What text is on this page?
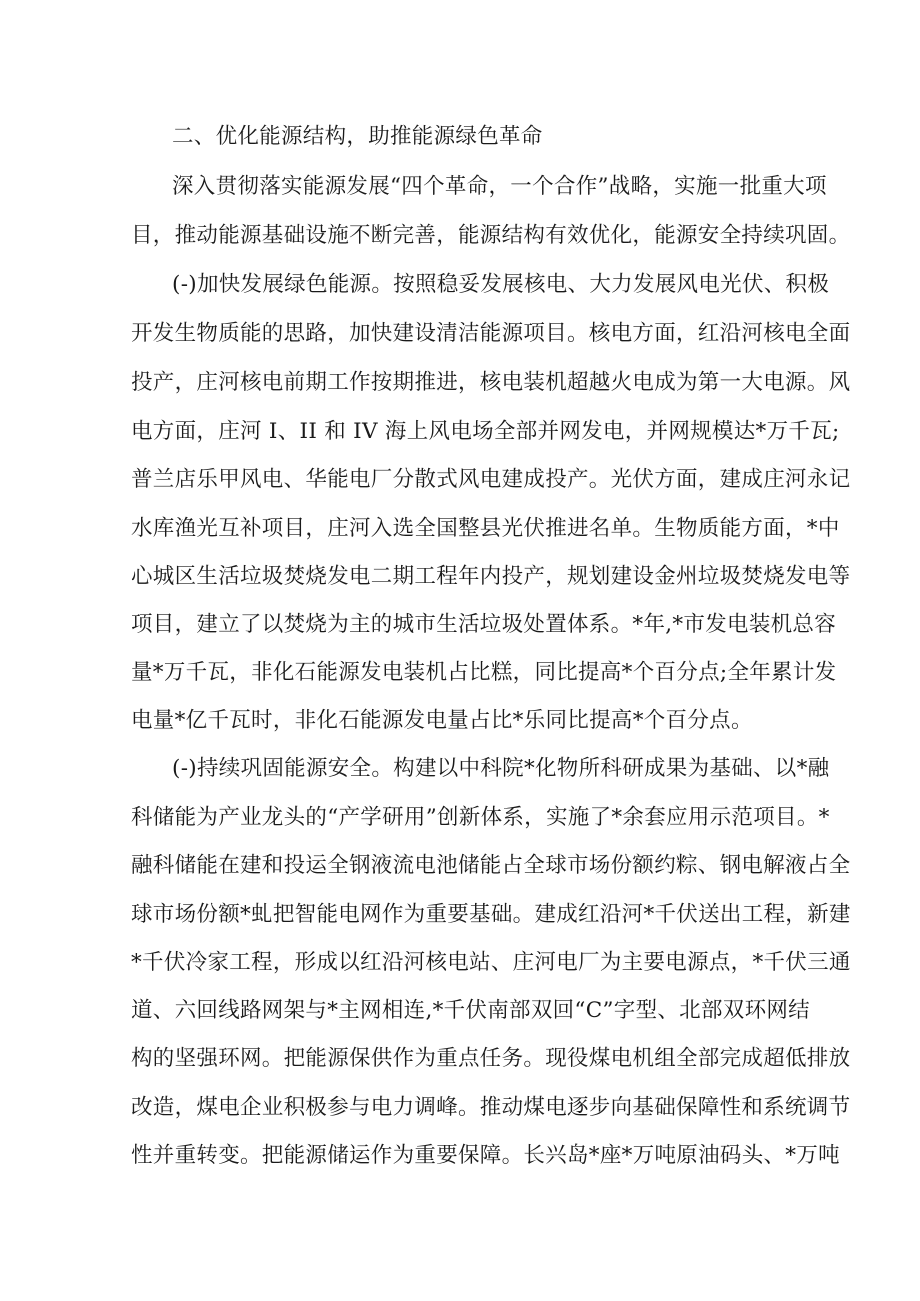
二、优化能源结构，助推能源绿色革命
深入贯彻落实能源发展“四个革命，一个合作”战略，实施一批重大项
目，推动能源基础设施不断完善，能源结构有效优化，能源安全持续巩固。
(-)加快发展绿色能源。按照稳妥发展核电、大力发展风电光伏、积极
开发生物质能的思路，加快建设清洁能源项目。核电方面，红沿河核电全面
投产，庄河核电前期工作按期推进，核电装机超越火电成为第一大电源。风
电方面，庄河 I、II 和 IV 海上风电场全部并网发电，并网规模达*万千瓦;
普兰店乐甲风电、华能电厂分散式风电建成投产。光伏方面，建成庄河永记
水库渔光互补项目，庄河入选全国整县光伏推进名单。生物质能方面，*中
心城区生活垃圾焚烧发电二期工程年内投产，规划建设金州垃圾焚烧发电等
项目，建立了以焚烧为主的城市生活垃圾处置体系。*年,*市发电装机总容
量*万千瓦，非化石能源发电装机占比糕，同比提高*个百分点;全年累计发
电量*亿千瓦时，非化石能源发电量占比*乐同比提高*个百分点。
(-)持续巩固能源安全。构建以中科院*化物所科研成果为基础、以*融
科储能为产业龙头的“产学研用”创新体系，实施了*余套应用示范项目。*
融科储能在建和投运全钢液流电池储能占全球市场份额约粽、钢电解液占全
球市场份额*虬把智能电网作为重要基础。建成红沿河*千伏送出工程，新建
*千伏冷家工程，形成以红沿河核电站、庄河电厂为主要电源点，*千伏三通
道、六回线路网架与*主网相连,*千伏南部双回“C”字型、北部双环网结
构的坚强环网。把能源保供作为重点任务。现役煤电机组全部完成超低排放
改造，煤电企业积极参与电力调峰。推动煤电逐步向基础保障性和系统调节
性并重转变。把能源储运作为重要保障。长兴岛*座*万吨原油码头、*万吨
